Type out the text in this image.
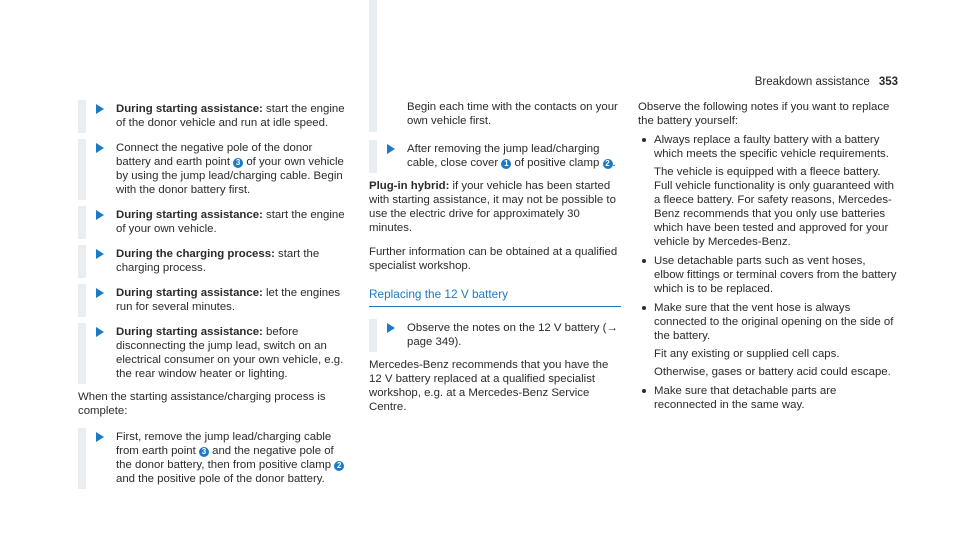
Breakdown assistance 353
During starting assistance: start the engine of the donor vehicle and run at idle speed.
Connect the negative pole of the donor battery and earth point 3 of your own vehicle by using the jump lead/charging cable. Begin with the donor battery first.
During starting assistance: start the engine of your own vehicle.
During the charging process: start the charging process.
During starting assistance: let the engines run for several minutes.
During starting assistance: before disconnecting the jump lead, switch on an electrical consumer on your own vehicle, e.g. the rear window heater or lighting.

When the starting assistance/charging process is complete:

First, remove the jump lead/charging cable from earth point 3 and the negative pole of the donor battery, then from positive clamp 2 and the positive pole of the donor battery.
Begin each time with the contacts on your own vehicle first.
After removing the jump lead/charging cable, close cover 1 of positive clamp 2 .

Plug-in hybrid: if your vehicle has been started with starting assistance, it may not be possible to use the electric drive for approximately 30 minutes.

Further information can be obtained at a qualified specialist workshop.

Replacing the 12 V battery
Observe the notes on the 12 V battery (→ page 349).

Mercedes-Benz recommends that you have the 12 V battery replaced at a qualified specialist workshop, e.g. at a Mercedes-Benz Service Centre.

Observe the following notes if you want to replace the battery yourself:

Always replace a faulty battery with a battery which meets the specific vehicle requirements.
The vehicle is equipped with a fleece battery. Full vehicle functionality is only guaranteed with a fleece battery. For safety reasons, Mercedes-Benz recommends that you only use batteries which have been tested and approved for your vehicle by Mercedes-Benz.
Use detachable parts such as vent hoses, elbow fittings or terminal covers from the battery which is to be replaced.
Make sure that the vent hose is always connected to the original opening on the side of the battery.
Fit any existing or supplied cell caps.
Otherwise, gases or battery acid could escape.
Make sure that detachable parts are reconnected in the same way.
